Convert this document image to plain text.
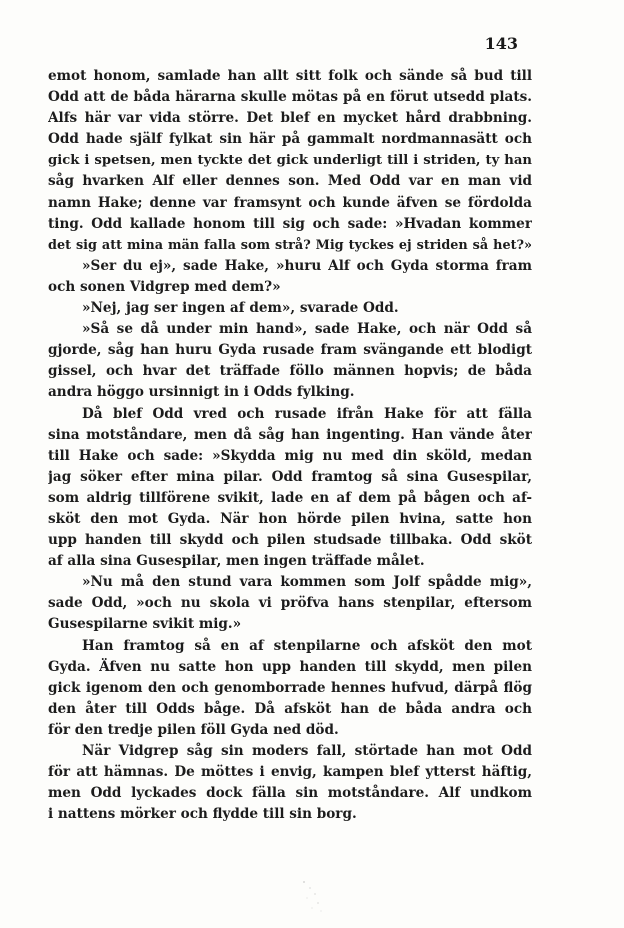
143
emot honom, samlade han allt sitt folk och sände så bud till
Odd att de båda härarna skulle mötas på en förut utsedd plats.
Alfs här var vida större. Det blef en mycket hård drabbning.
Odd hade själf fylkat sin här på gammalt nordmannasätt och
gick i spetsen, men tyckte det gick underligt till i striden, ty han
såg hvarken Alf eller dennes son. Med Odd var en man vid
namn Hake; denne var framsynt och kunde äfven se fördolda
ting. Odd kallade honom till sig och sade: »Hvadan kommer
det sig att mina män falla som strå? Mig tyckes ej striden så het?»
»Ser du ej», sade Hake, »huru Alf och Gyda storma fram
och sonen Vidgrep med dem?»
»Nej, jag ser ingen af dem», svarade Odd.
»Så se då under min hand», sade Hake, och när Odd så
gjorde, såg han huru Gyda rusade fram svängande ett blodigt
gissel, och hvar det träffade föllo männen hopvis; de båda
andra höggo ursinnigt in i Odds fylking.
Då blef Odd vred och rusade ifrån Hake för att fälla
sina motståndare, men då såg han ingenting. Han vände åter
till Hake och sade: »Skydda mig nu med din sköld, medan
jag söker efter mina pilar. Odd framtog så sina Gusespilar,
som aldrig tillförene svikit, lade en af dem på bågen och af-
sköt den mot Gyda. När hon hörde pilen hvina, satte hon
upp handen till skydd och pilen studsade tillbaka. Odd sköt
af alla sina Gusespilar, men ingen träffade målet.
»Nu må den stund vara kommen som Jolf spådde mig»,
sade Odd, »och nu skola vi pröfva hans stenpilar, eftersom
Gusespilarne svikit mig.»
Han framtog så en af stenpilarne och afsköt den mot
Gyda. Äfven nu satte hon upp handen till skydd, men pilen
gick igenom den och genomborrade hennes hufvud, därpå flög
den åter till Odds båge. Då afsköt han de båda andra och
för den tredje pilen föll Gyda ned död.
När Vidgrep såg sin moders fall, störtade han mot Odd
för att hämnas. De möttes i envig, kampen blef ytterst häftig,
men Odd lyckades dock fälla sin motståndare. Alf undkom
i nattens mörker och flydde till sin borg.
